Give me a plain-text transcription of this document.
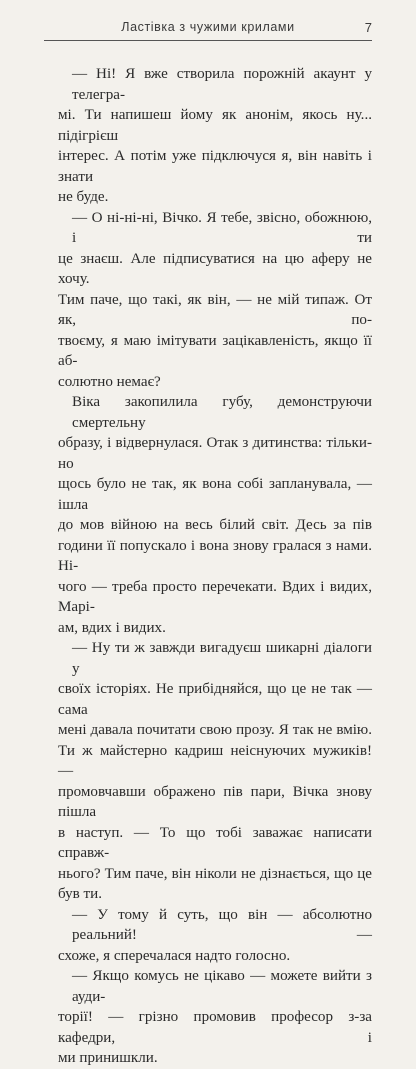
Ластівка з чужими крилами	7
— Ні! Я вже створила порожній акаунт у телегра-
мі. Ти напишеш йому як анонім, якось ну... підігрієш
інтерес. А потім уже підключуся я, він навіть і знати
не буде.
— О ні-ні-ні, Вічко. Я тебе, звісно, обожнюю, і ти
це знаєш. Але підписуватися на цю аферу не хочу.
Тим паче, що такі, як він, — не мій типаж. От як, по-
твоєму, я маю імітувати зацікавленість, якщо її аб-
солютно немає?
Віка закопилила губу, демонструючи смертельну
образу, і відвернулася. Отак з дитинства: тільки-но
щось було не так, як вона собі запланувала, — ішла
до мов війною на весь білий світ. Десь за пів
години її попускало і вона знову гралася з нами. Ні-
чого — треба просто перечекати. Вдих і видих, Марі-
ам, вдих і видих.
— Ну ти ж завжди вигадуєш шикарні діалоги у
своїх історіях. Не прибідняйся, що це не так — сама
мені давала почитати свою прозу. Я так не вмію.
Ти ж майстерно кадриш неіснуючих мужиків! —
промовчавши ображено пів пари, Вічка знову пішла
в наступ. — То що тобі заважає написати справж-
нього? Тим паче, він ніколи не дізнається, що це
був ти.
— У тому й суть, що він — абсолютно реальний! —
схоже, я сперечалася надто голосно.
— Якщо комусь не цікаво — можете вийти з ауди-
торії! — грізно промовив професор з-за кафедри, і
ми принишкли.
